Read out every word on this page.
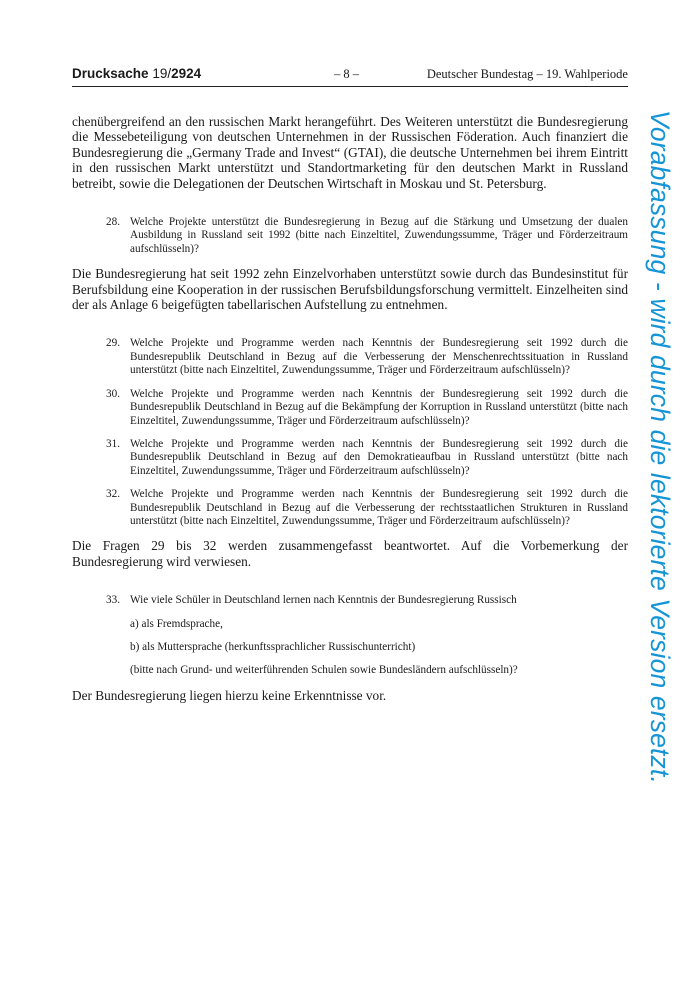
Drucksache 19/2924	– 8 –	Deutscher Bundestag – 19. Wahlperiode

chenübergreifend an den russischen Markt herangeführt. Des Weiteren unterstützt die Bundesregierung die Messebeteiligung von deutschen Unternehmen in der Russischen Föderation. Auch finanziert die Bundesregierung die „Germany Trade and Invest“ (GTAI), die deutsche Unternehmen bei ihrem Eintritt in den russischen Markt unterstützt und Standortmarketing für den deutschen Markt in Russland betreibt, sowie die Delegationen der Deutschen Wirtschaft in Moskau und St. Petersburg.

28. Welche Projekte unterstützt die Bundesregierung in Bezug auf die Stärkung und Umsetzung der dualen Ausbildung in Russland seit 1992 (bitte nach Einzeltitel, Zuwendungssumme, Träger und Förderzeitraum aufschlüsseln)?

Die Bundesregierung hat seit 1992 zehn Einzelvorhaben unterstützt sowie durch das Bundesinstitut für Berufsbildung eine Kooperation in der russischen Berufsbildungsforschung vermittelt. Einzelheiten sind der als Anlage 6 beigefügten tabellarischen Aufstellung zu entnehmen.

29. Welche Projekte und Programme werden nach Kenntnis der Bundesregierung seit 1992 durch die Bundesrepublik Deutschland in Bezug auf die Verbesserung der Menschenrechtssituation in Russland unterstützt (bitte nach Einzeltitel, Zuwendungssumme, Träger und Förderzeitraum aufschlüsseln)?
30. Welche Projekte und Programme werden nach Kenntnis der Bundesregierung seit 1992 durch die Bundesrepublik Deutschland in Bezug auf die Bekämpfung der Korruption in Russland unterstützt (bitte nach Einzeltitel, Zuwendungssumme, Träger und Förderzeitraum aufschlüsseln)?
31. Welche Projekte und Programme werden nach Kenntnis der Bundesregierung seit 1992 durch die Bundesrepublik Deutschland in Bezug auf den Demokratieaufbau in Russland unterstützt (bitte nach Einzeltitel, Zuwendungssumme, Träger und Förderzeitraum aufschlüsseln)?
32. Welche Projekte und Programme werden nach Kenntnis der Bundesregierung seit 1992 durch die Bundesrepublik Deutschland in Bezug auf die Verbesserung der rechtsstaatlichen Strukturen in Russland unterstützt (bitte nach Einzeltitel, Zuwendungssumme, Träger und Förderzeitraum aufschlüsseln)?

Die Fragen 29 bis 32 werden zusammengefasst beantwortet. Auf die Vorbemerkung der Bundesregierung wird verwiesen.

33. Wie viele Schüler in Deutschland lernen nach Kenntnis der Bundesregierung Russisch
a) als Fremdsprache,
b) als Muttersprache (herkunftssprachlicher Russischunterricht)
(bitte nach Grund- und weiterführenden Schulen sowie Bundesländern aufschlüsseln)?

Der Bundesregierung liegen hierzu keine Erkenntnisse vor.	Vorabfassung - wird durch die lektorierte Version ersetzt.
